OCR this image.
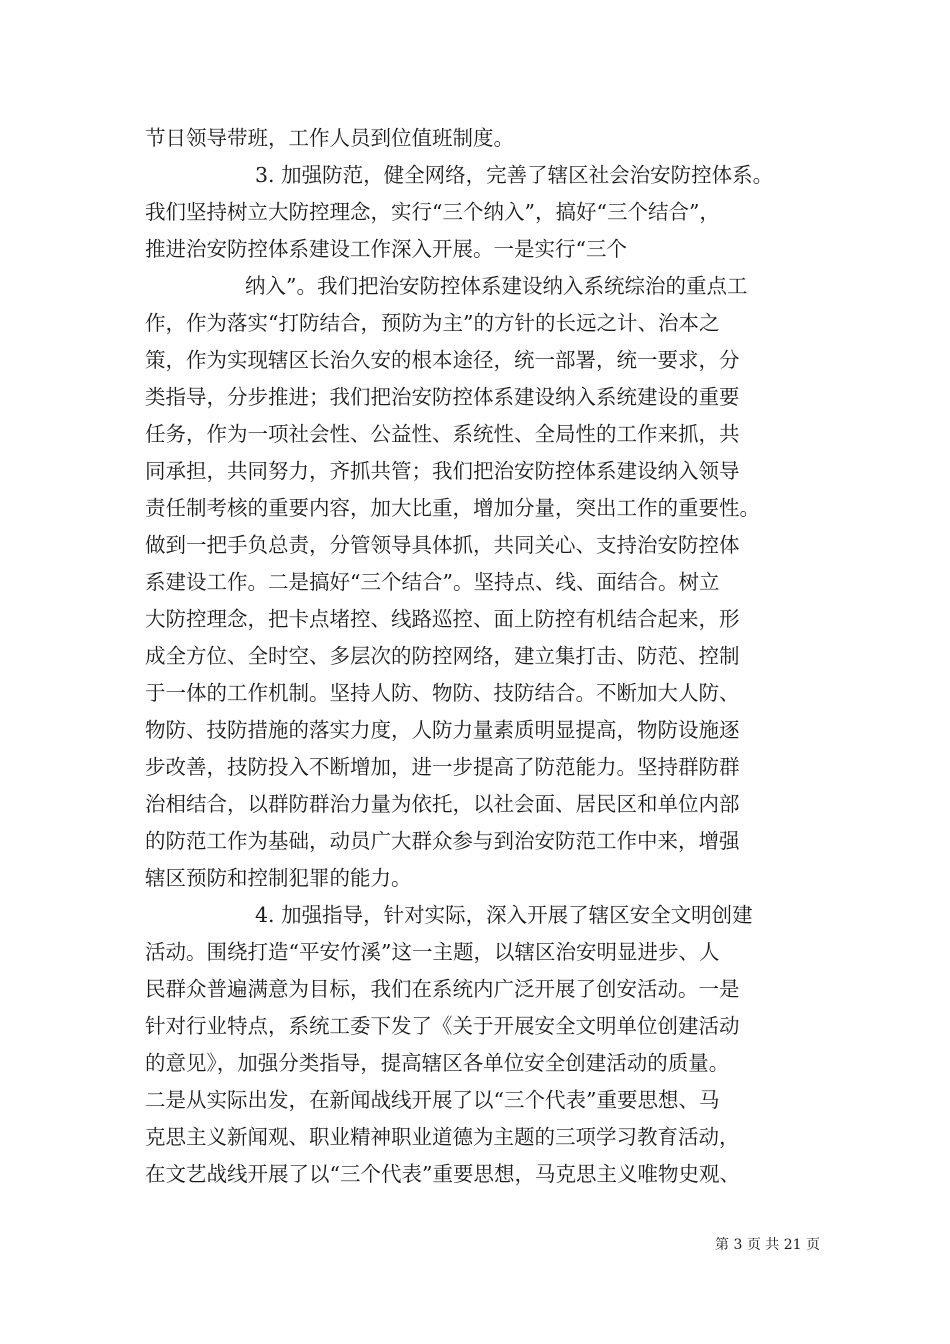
节日领导带班，工作人员到位值班制度。
3. 加强防范，健全网络，完善了辖区社会治安防控体系。
我们坚持树立大防控理念，实行“三个纳入”，搞好“三个结合”，
推进治安防控体系建设工作深入开展。一是实行“三个
纳入”。我们把治安防控体系建设纳入系统综治的重点工
作，作为落实“打防结合，预防为主”的方针的长远之计、治本之
策，作为实现辖区长治久安的根本途径，统一部署，统一要求，分
类指导，分步推进；我们把治安防控体系建设纳入系统建设的重要
任务，作为一项社会性、公益性、系统性、全局性的工作来抓，共
同承担，共同努力，齐抓共管；我们把治安防控体系建设纳入领导
责任制考核的重要内容，加大比重，增加分量，突出工作的重要性。
做到一把手负总责，分管领导具体抓，共同关心、支持治安防控体
系建设工作。二是搞好“三个结合”。坚持点、线、面结合。树立
大防控理念，把卡点堵控、线路巡控、面上防控有机结合起来，形
成全方位、全时空、多层次的防控网络，建立集打击、防范、控制
于一体的工作机制。坚持人防、物防、技防结合。不断加大人防、
物防、技防措施的落实力度，人防力量素质明显提高，物防设施逐
步改善，技防投入不断增加，进一步提高了防范能力。坚持群防群
治相结合，以群防群治力量为依托，以社会面、居民区和单位内部
的防范工作为基础，动员广大群众参与到治安防范工作中来，增强
辖区预防和控制犯罪的能力。
4. 加强指导，针对实际，深入开展了辖区安全文明创建
活动。围绕打造“平安竹溪”这一主题，以辖区治安明显进步、人
民群众普遍满意为目标，我们在系统内广泛开展了创安活动。一是
针对行业特点，系统工委下发了《关于开展安全文明单位创建活动
的意见》，加强分类指导，提高辖区各单位安全创建活动的质量。
二是从实际出发，在新闻战线开展了以“三个代表”重要思想、马
克思主义新闻观、职业精神职业道德为主题的三项学习教育活动，
在文艺战线开展了以“三个代表”重要思想，马克思主义唯物史观、
第 3 页 共 21 页
